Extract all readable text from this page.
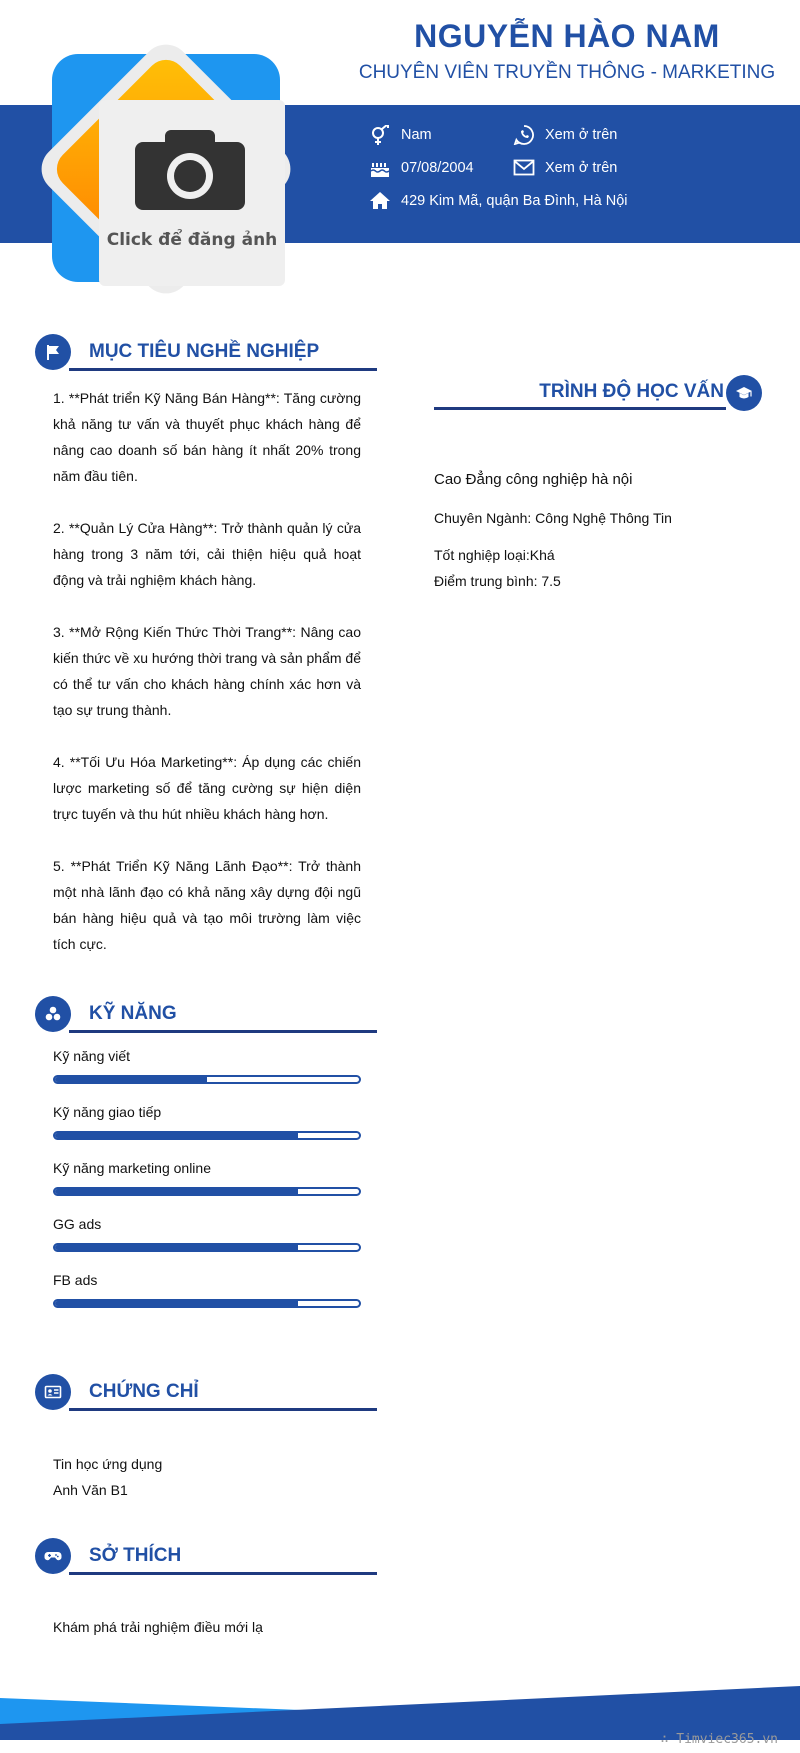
Click để đăng ảnh
NGUYỄN HÀO NAM
CHUYÊN VIÊN TRUYỀN THÔNG - MARKETING
Nam	Xem ở trên
07/08/2004	Xem ở trên
429 Kim Mã, quận Ba Đình, Hà Nội
MỤC TIÊU NGHỀ NGHIỆP
1. **Phát triển Kỹ Năng Bán Hàng**: Tăng cường khả năng tư vấn và thuyết phục khách hàng để nâng cao doanh số bán hàng ít nhất 20% trong năm đầu tiên.
2. **Quản Lý Cửa Hàng**: Trở thành quản lý cửa hàng trong 3 năm tới, cải thiện hiệu quả hoạt động và trải nghiệm khách hàng.
3. **Mở Rộng Kiến Thức Thời Trang**: Nâng cao kiến thức về xu hướng thời trang và sản phẩm để có thể tư vấn cho khách hàng chính xác hơn và tạo sự trung thành.
4. **Tối Ưu Hóa Marketing**: Áp dụng các chiến lược marketing số để tăng cường sự hiện diện trực tuyến và thu hút nhiều khách hàng hơn.
5. **Phát Triển Kỹ Năng Lãnh Đạo**: Trở thành một nhà lãnh đạo có khả năng xây dựng đội ngũ bán hàng hiệu quả và tạo môi trường làm việc tích cực.
TRÌNH ĐỘ HỌC VẤN
Cao Đẳng công nghiệp hà nội
Chuyên Ngành: Công Nghệ Thông Tin
Tốt nghiệp loại:Khá
Điểm trung bình: 7.5
KỸ NĂNG
Kỹ năng viết
Kỹ năng giao tiếp
Kỹ năng marketing online
GG ads
FB ads
CHỨNG CHỈ
Tin học ứng dụng
Anh Văn B1
SỞ THÍCH
Khám phá trải nghiệm điều mới lạ
∴ Timviec365.vn
